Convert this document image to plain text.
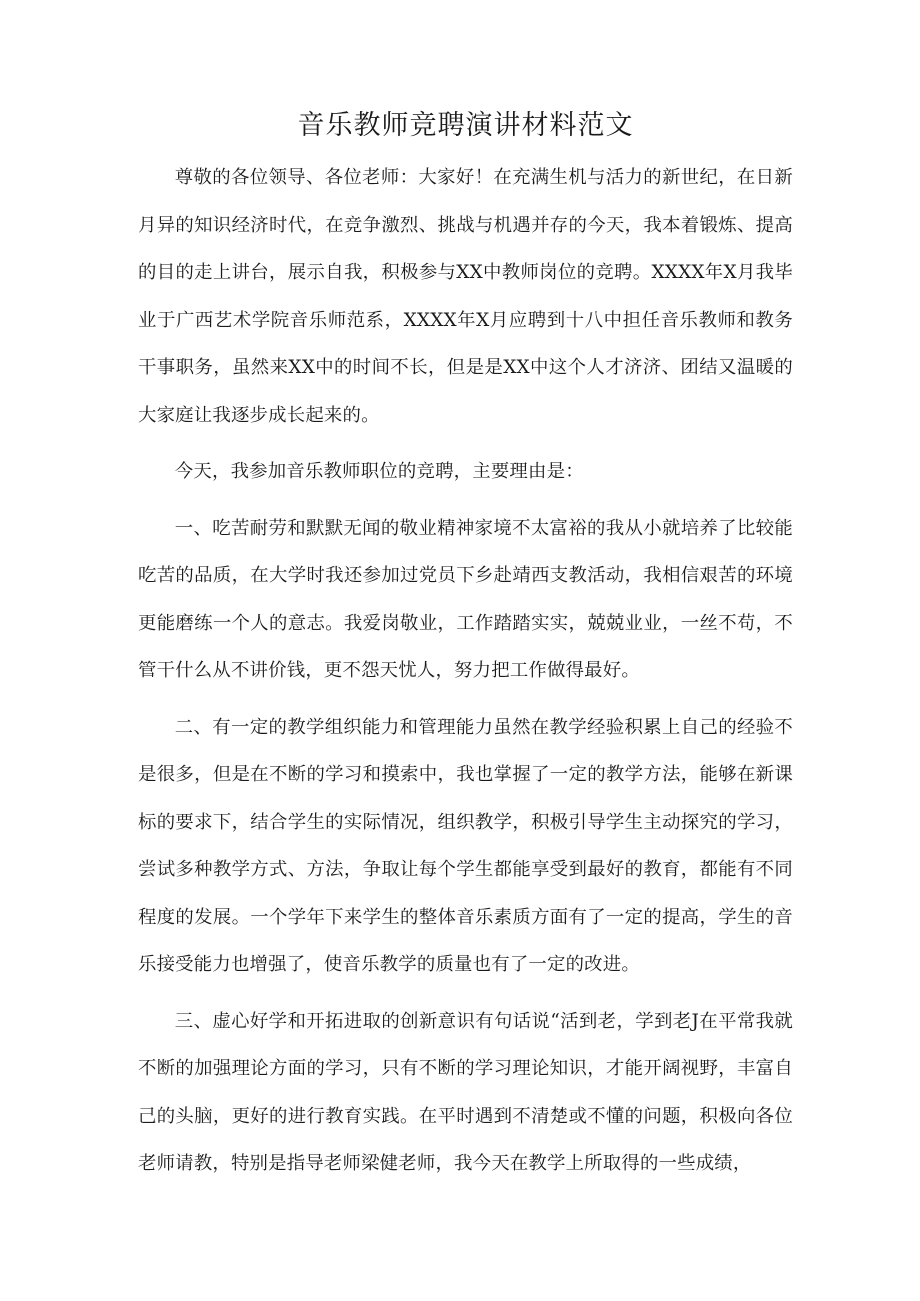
音乐教师竞聘演讲材料范文

尊敬的各位领导、各位老师：大家好！在充满生机与活力的新世纪，在日新月异的知识经济时代，在竞争激烈、挑战与机遇并存的今天，我本着锻炼、提高的目的走上讲台，展示自我，积极参与XX中教师岗位的竞聘。XXXX年X月我毕业于广西艺术学院音乐师范系，XXXX年X月应聘到十八中担任音乐教师和教务干事职务，虽然来XX中的时间不长，但是是XX中这个人才济济、团结又温暖的大家庭让我逐步成长起来的。

今天，我参加音乐教师职位的竞聘，主要理由是：

一、吃苦耐劳和默默无闻的敬业精神家境不太富裕的我从小就培养了比较能吃苦的品质，在大学时我还参加过党员下乡赴靖西支教活动，我相信艰苦的环境更能磨练一个人的意志。我爱岗敬业，工作踏踏实实，兢兢业业，一丝不苟，不管干什么从不讲价钱，更不怨天忧人，努力把工作做得最好。

二、有一定的教学组织能力和管理能力虽然在教学经验积累上自己的经验不是很多，但是在不断的学习和摸索中，我也掌握了一定的教学方法，能够在新课标的要求下，结合学生的实际情况，组织教学，积极引导学生主动探究的学习，尝试多种教学方式、方法，争取让每个学生都能享受到最好的教育，都能有不同程度的发展。一个学年下来学生的整体音乐素质方面有了一定的提高，学生的音乐接受能力也增强了，使音乐教学的质量也有了一定的改进。

三、虚心好学和开拓进取的创新意识有句话说“活到老，学到老J在平常我就不断的加强理论方面的学习，只有不断的学习理论知识，才能开阔视野，丰富自己的头脑，更好的进行教育实践。在平时遇到不清楚或不懂的问题，积极向各位老师请教，特别是指导老师梁健老师，我今天在教学上所取得的一些成绩，
